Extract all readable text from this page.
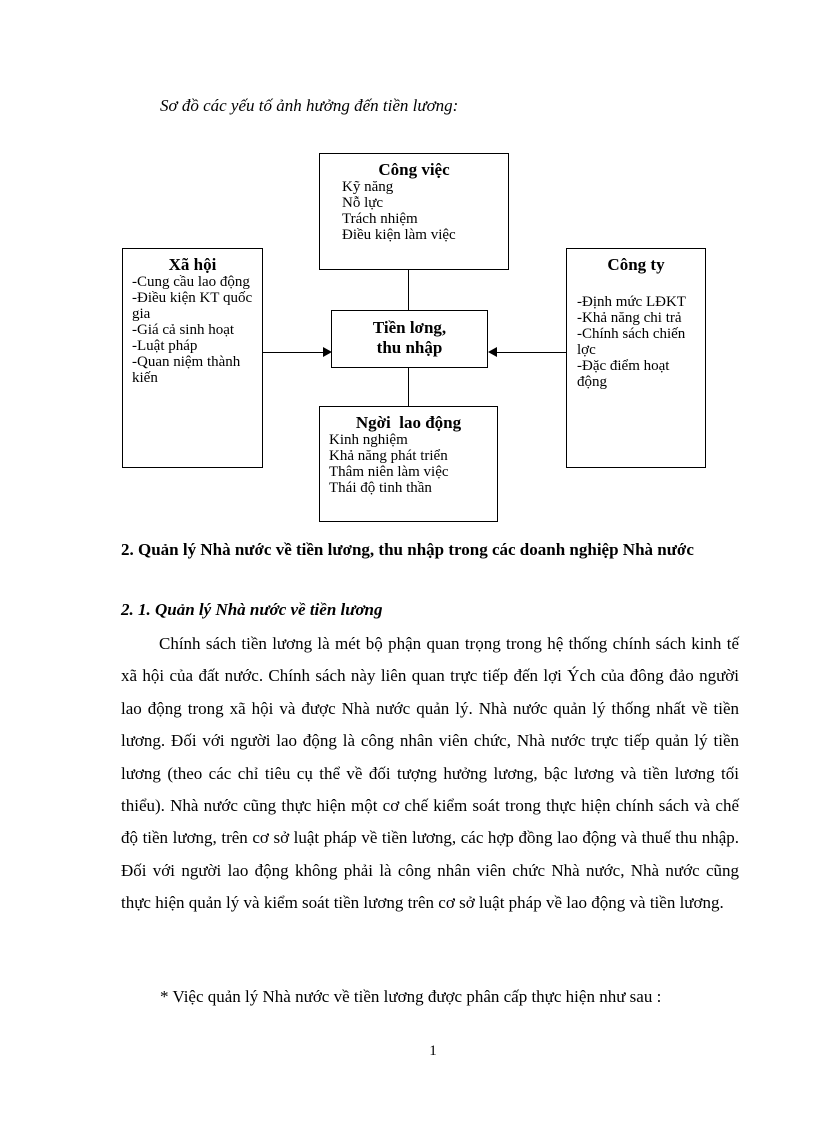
Sơ đồ các yếu tố ảnh hưởng đến tiền lương:
Công việc
Kỹ năng
Nỗ lực
Trách nhiệm
Điều kiện làm việc
Xã hội
-Cung cầu lao động
-Điều kiện KT quốc gia
-Giá cả sinh hoạt
-Luật pháp
-Quan niệm thành kiến
Công ty
-Định mức LĐKT
-Khả năng chi trả
-Chính sách chiến lợc
-Đặc điểm hoạt động
Tiền lơng,
thu nhập
Ngời  lao động
Kinh nghiệm
Khả năng phát triển
Thâm niên làm việc
Thái độ tinh thần
2. Quản lý Nhà nước về tiền lương, thu nhập trong các doanh nghiệp Nhà nước
2. 1. Quản lý Nhà nước về tiền lương

Chính sách tiền lương là mét bộ phận quan trọng trong hệ thống chính sách kinh tế xã hội của đất nước. Chính sách này liên quan trực tiếp đến lợi Ých của đông đảo người lao động trong xã hội và được Nhà nước quản lý. Nhà nước quản lý thống nhất về tiền lương. Đối với người lao động là công nhân viên chức, Nhà nước trực tiếp quản lý tiền lương (theo các chỉ tiêu cụ thể về đối tượng hưởng lương, bậc lương và tiền lương tối thiểu). Nhà nước cũng thực hiện một cơ chế kiểm soát trong thực hiện chính sách và chế độ tiền lương, trên cơ sở luật pháp về tiền lương, các hợp đồng lao động và thuế thu nhập. Đối với người lao động không phải là công nhân viên chức Nhà nước, Nhà nước cũng thực hiện quản lý và kiểm soát tiền lương trên cơ sở luật pháp về lao động và tiền lương.

* Việc quản lý Nhà nước về tiền lương được phân cấp thực hiện như sau :
1
